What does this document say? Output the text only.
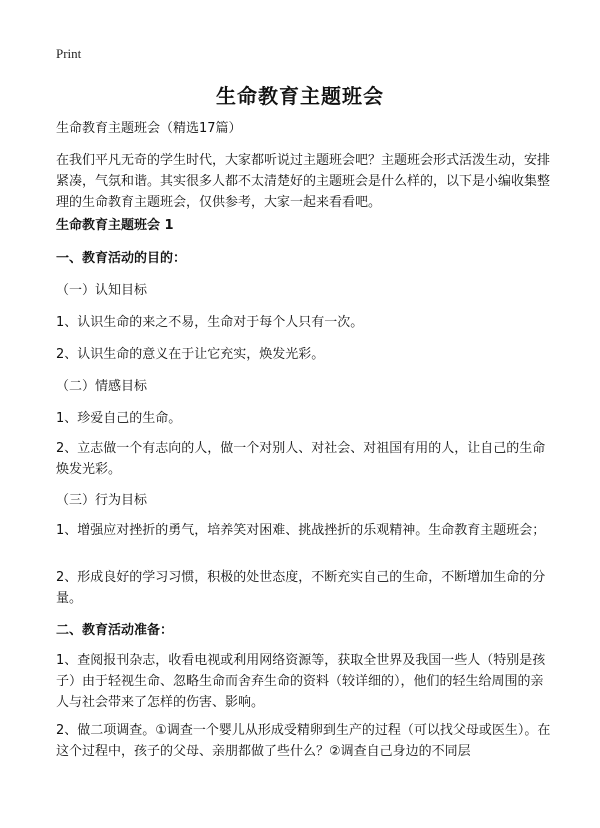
Print
生命教育主题班会

生命教育主题班会（精选17篇）

在我们平凡无奇的学生时代，大家都听说过主题班会吧？主题班会形式活泼生动，安排紧凑，气氛和谐。其实很多人都不太清楚好的主题班会是什么样的，以下是小编收集整理的生命教育主题班会，仅供参考，大家一起来看看吧。

生命教育主题班会 1

一、教育活动的目的：

（一）认知目标

1、认识生命的来之不易，生命对于每个人只有一次。

2、认识生命的意义在于让它充实，焕发光彩。

（二）情感目标

1、珍爱自己的生命。

2、立志做一个有志向的人，做一个对别人、对社会、对祖国有用的人，让自己的生命焕发光彩。

（三）行为目标

1、增强应对挫折的勇气，培养笑对困难、挑战挫折的乐观精神。生命教育主题班会；

2、形成良好的学习习惯，积极的处世态度，不断充实自己的生命，不断增加生命的分量。

二、教育活动准备：

1、查阅报刊杂志，收看电视或利用网络资源等，获取全世界及我国一些人（特别是孩子）由于轻视生命、忽略生命而舍弃生命的资料（较详细的），他们的轻生给周围的亲人与社会带来了怎样的伤害、影响。

2、做二项调查。①调查一个婴儿从形成受精卵到生产的过程（可以找父母或医生）。在这个过程中，孩子的父母、亲朋都做了些什么？②调查自己身边的不同层
